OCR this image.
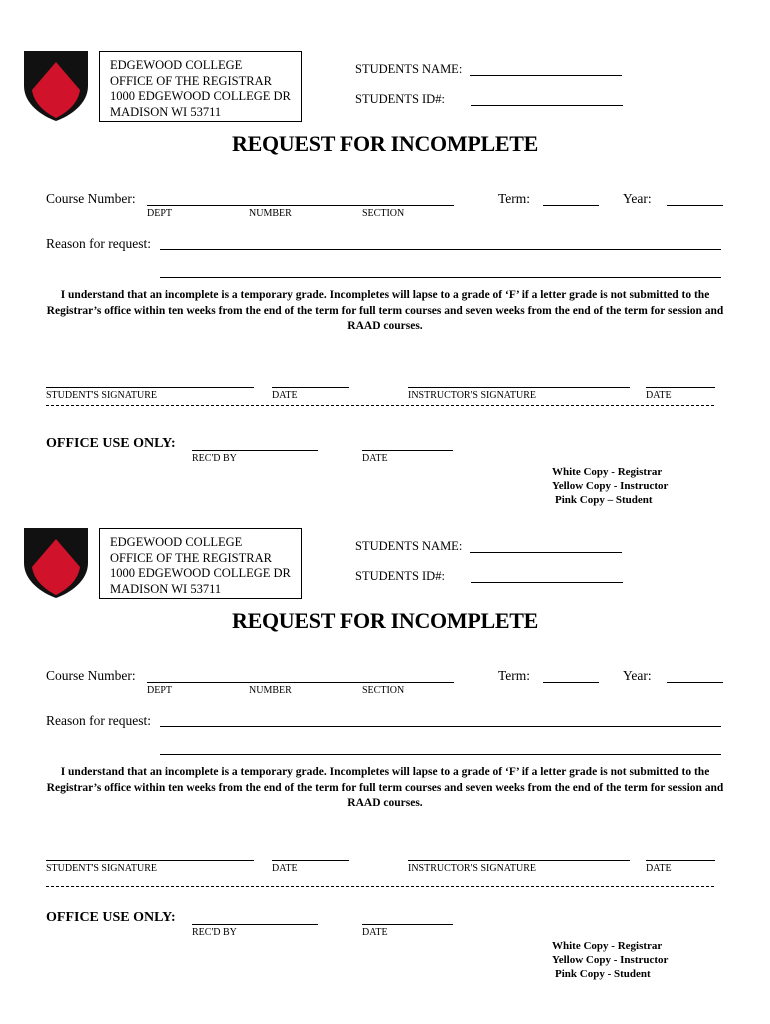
EDGEWOOD COLLEGE
OFFICE OF THE REGISTRAR
1000 EDGEWOOD COLLEGE DR
MADISON WI 53711
STUDENTS NAME:
STUDENTS ID#:
REQUEST FOR INCOMPLETE
Course Number:
DEPT	NUMBER	SECTION
Term:	Year:
Reason for request:
I understand that an incomplete is a temporary grade. Incompletes will lapse to a grade of ‘F’ if a letter grade is not submitted to the Registrar’s office within ten weeks from the end of the term for full term courses and seven weeks from the end of the term for session and RAAD courses.
STUDENT'S SIGNATURE	DATE	INSTRUCTOR'S SIGNATURE	DATE
OFFICE USE ONLY:
REC'D BY	DATE
White Copy - Registrar
Yellow Copy - Instructor
Pink Copy – Student
EDGEWOOD COLLEGE
OFFICE OF THE REGISTRAR
1000 EDGEWOOD COLLEGE DR
MADISON WI 53711
STUDENTS NAME:
STUDENTS ID#:
REQUEST FOR INCOMPLETE
Course Number:
DEPT	NUMBER	SECTION
Term:	Year:
Reason for request:
I understand that an incomplete is a temporary grade. Incompletes will lapse to a grade of ‘F’ if a letter grade is not submitted to the Registrar’s office within ten weeks from the end of the term for full term courses and seven weeks from the end of the term for session and RAAD courses.
STUDENT'S SIGNATURE	DATE	INSTRUCTOR'S SIGNATURE	DATE
OFFICE USE ONLY:
REC'D BY	DATE
White Copy - Registrar
Yellow Copy - Instructor
Pink Copy - Student
